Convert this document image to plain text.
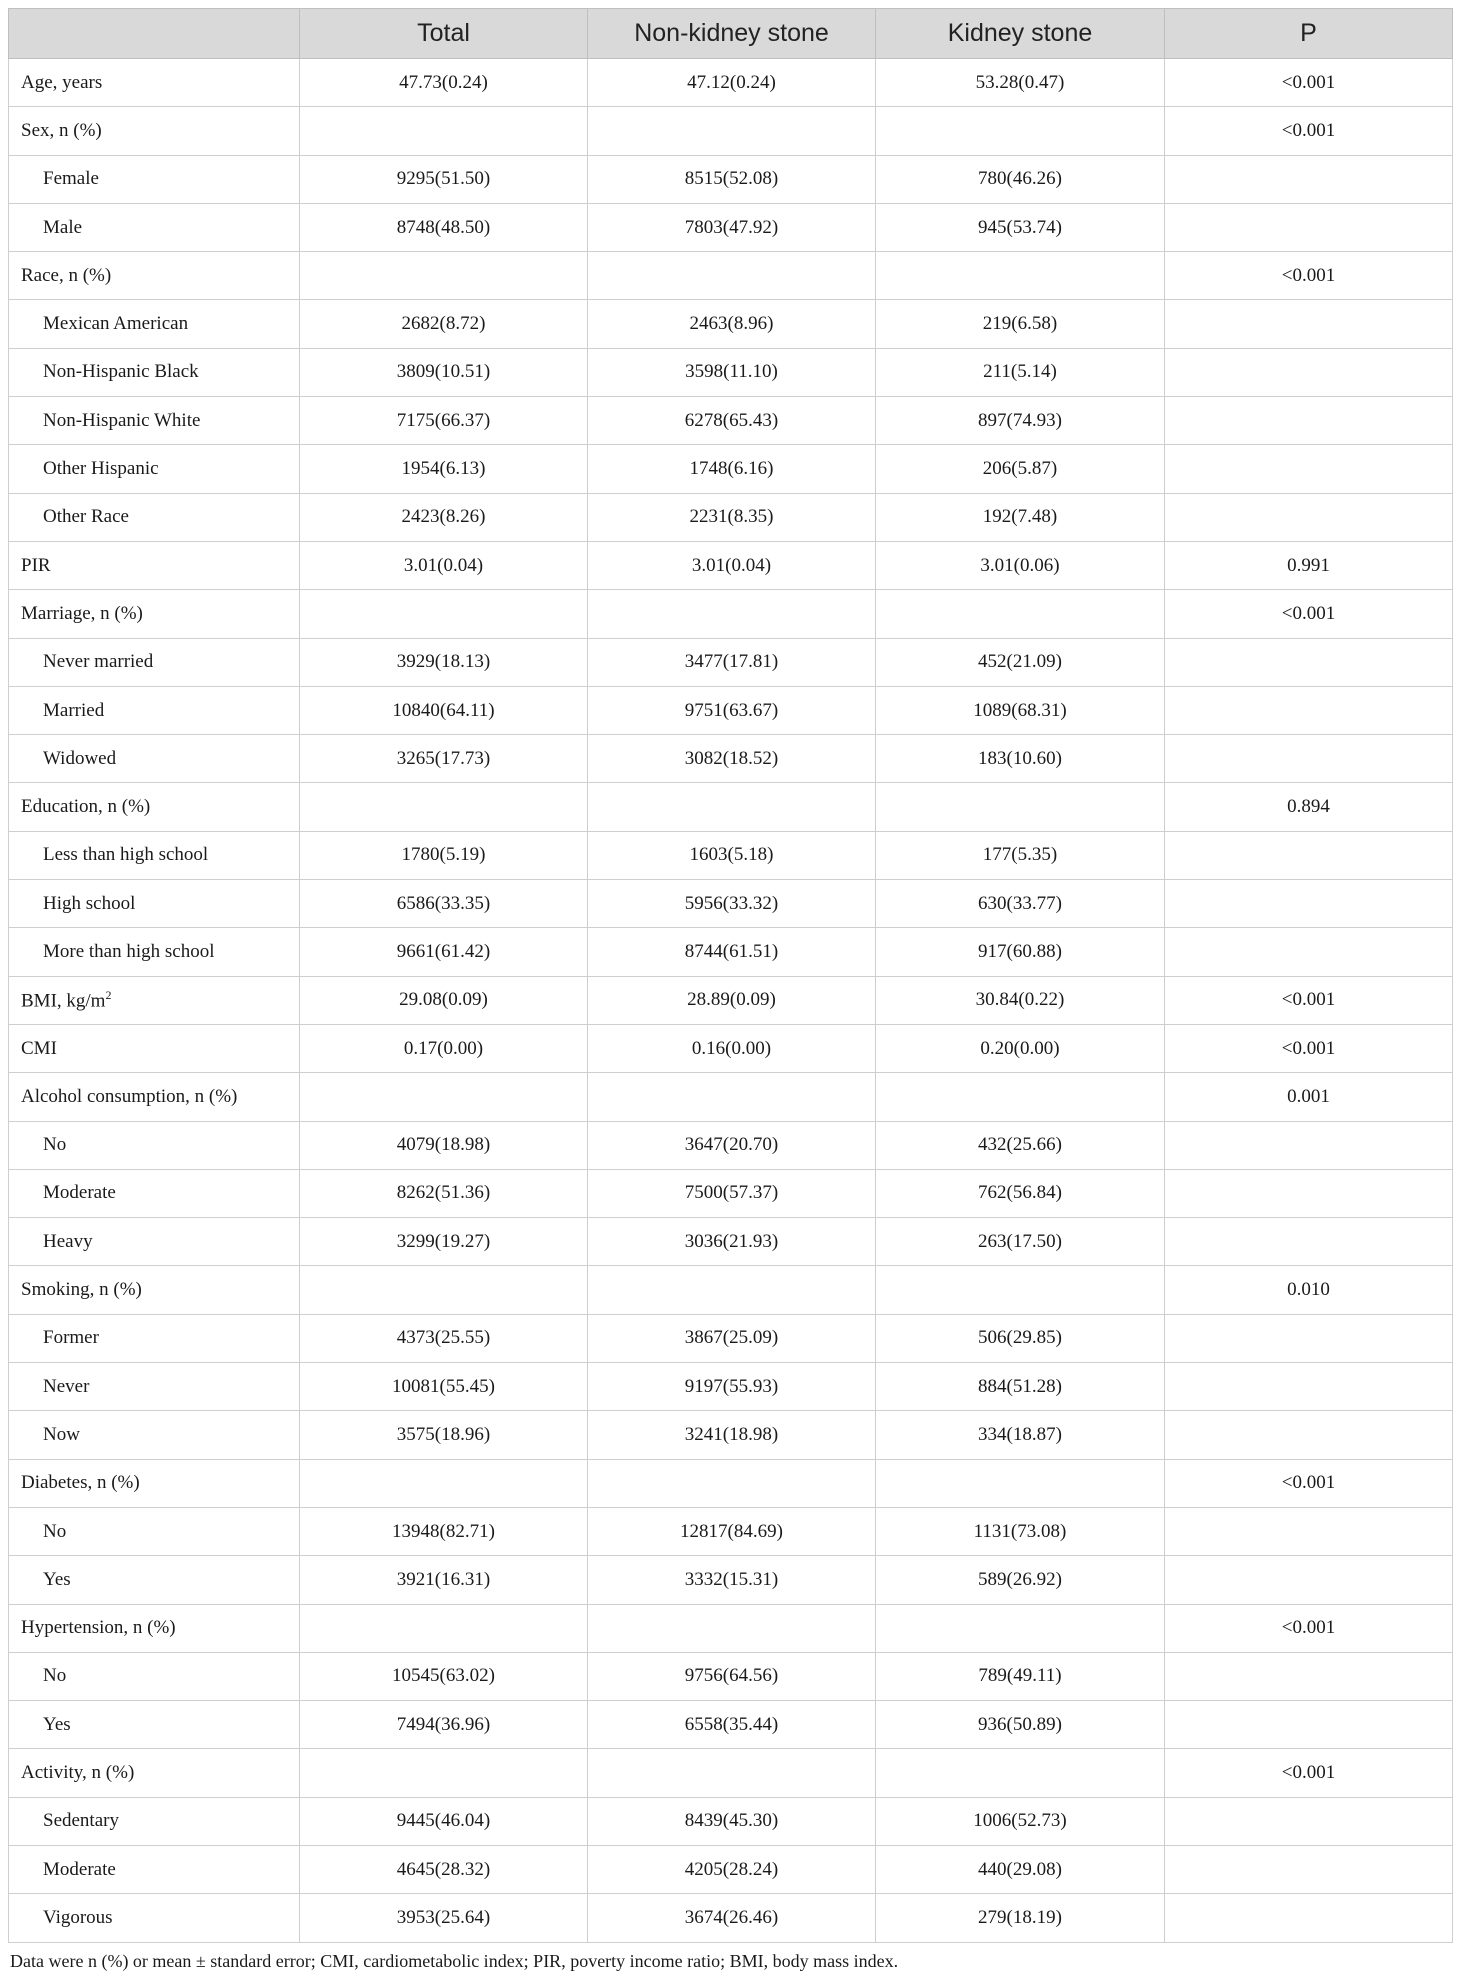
	Total	Non-kidney stone	Kidney stone	P
Age, years	47.73(0.24)	47.12(0.24)	53.28(0.47)	<0.001
Sex, n (%)				<0.001
Female	9295(51.50)	8515(52.08)	780(46.26)	
Male	8748(48.50)	7803(47.92)	945(53.74)	
Race, n (%)				<0.001
Mexican American	2682(8.72)	2463(8.96)	219(6.58)	
Non-Hispanic Black	3809(10.51)	3598(11.10)	211(5.14)	
Non-Hispanic White	7175(66.37)	6278(65.43)	897(74.93)	
Other Hispanic	1954(6.13)	1748(6.16)	206(5.87)	
Other Race	2423(8.26)	2231(8.35)	192(7.48)	
PIR	3.01(0.04)	3.01(0.04)	3.01(0.06)	0.991
Marriage, n (%)				<0.001
Never married	3929(18.13)	3477(17.81)	452(21.09)	
Married	10840(64.11)	9751(63.67)	1089(68.31)	
Widowed	3265(17.73)	3082(18.52)	183(10.60)	
Education, n (%)				0.894
Less than high school	1780(5.19)	1603(5.18)	177(5.35)	
High school	6586(33.35)	5956(33.32)	630(33.77)	
More than high school	9661(61.42)	8744(61.51)	917(60.88)	
BMI, $kg/m^2$	29.08(0.09)	28.89(0.09)	30.84(0.22)	<0.001
CMI	0.17(0.00)	0.16(0.00)	0.20(0.00)	<0.001
Alcohol consumption, n (%)				0.001
No	4079(18.98)	3647(20.70)	432(25.66)	
Moderate	8262(51.36)	7500(57.37)	762(56.84)	
Heavy	3299(19.27)	3036(21.93)	263(17.50)	
Smoking, n (%)				0.010
Former	4373(25.55)	3867(25.09)	506(29.85)	
Never	10081(55.45)	9197(55.93)	884(51.28)	
Now	3575(18.96)	3241(18.98)	334(18.87)	
Diabetes, n (%)				<0.001
No	13948(82.71)	12817(84.69)	1131(73.08)	
Yes	3921(16.31)	3332(15.31)	589(26.92)	
Hypertension, n (%)				<0.001
No	10545(63.02)	9756(64.56)	789(49.11)	
Yes	7494(36.96)	6558(35.44)	936(50.89)	
Activity, n (%)				<0.001
Sedentary	9445(46.04)	8439(45.30)	1006(52.73)	
Moderate	4645(28.32)	4205(28.24)	440(29.08)	
Vigorous	3953(25.64)	3674(26.46)	279(18.19)	
Data were n (%) or mean ± standard error; CMI, cardiometabolic index; PIR, poverty income ratio; BMI, body mass index.
